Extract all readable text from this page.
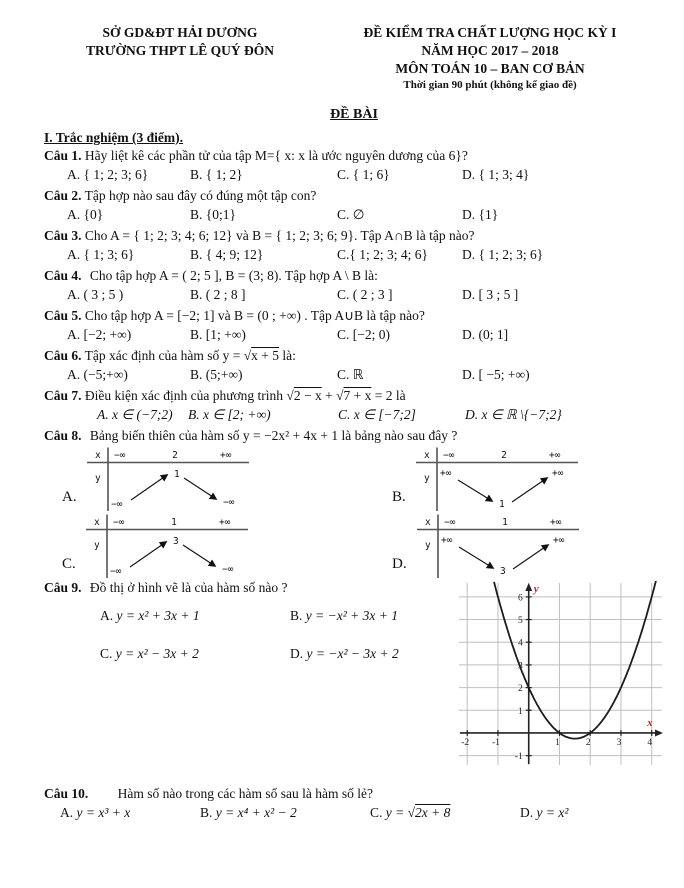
SỞ GD&ĐT HẢI DƯƠNG
TRƯỜNG THPT LÊ QUÝ ĐÔN
ĐỀ KIỂM TRA CHẤT LƯỢNG HỌC KỲ I
NĂM HỌC 2017 – 2018
MÔN TOÁN 10 – BAN CƠ BẢN
Thời gian 90 phút (không kể giao đề)
ĐỀ BÀI
I. Trắc nghiệm (3 điểm).
Câu 1. Hãy liệt kê các phần tử của tập M={ x: x là ước nguyên dương của 6}?
A. { 1; 2; 3; 6}	B. { 1; 2}	C. { 1; 6}	D. { 1; 3; 4}
Câu 2. Tập hợp nào sau đây có đúng một tập con?
A. {0}	B. {0;1}	C. ∅	D. {1}
Câu 3. Cho A = { 1; 2; 3; 4; 6; 12} và B = { 1; 2; 3; 6; 9}. Tập A∩B là tập nào?
A. { 1; 3; 6}	B. { 4; 9; 12}	C.{ 1; 2; 3; 4; 6}	D. { 1; 2; 3; 6}
Câu 4. Cho tập hợp A = ( 2; 5 ], B = (3; 8). Tập hợp A \ B là:
A. ( 3 ; 5 )	B. ( 2 ; 8 ]	C. ( 2 ; 3 ]	D. [ 3 ; 5 ]
Câu 5. Cho tập hợp A = [−2; 1] và B = (0 ; +∞) . Tập A∪B là tập nào?
A. [−2; +∞)	B. [1; +∞)	C. [−2; 0)	D. (0; 1]
Câu 6. Tập xác định của hàm số y = √x + 5 là:
A. (−5;+∞)	B. (5;+∞)	C. ℝ	D. [ −5; +∞)
Câu 7. Điều kiện xác định của phương trình √2 − x + √7 + x = 2 là
A. x ∈ (−7;2)	B. x ∈ [2; +∞)	C. x ∈ [−7;2]	D. x ∈ ℝ \{−7;2}
Câu 8. Bảng biến thiên của hàm số y = −2x² + 4x + 1 là bảng nào sau đây ?
A.
x −∞	2	+∞
y
−∞
1
−∞	B.
x −∞	2	+∞
y +∞
1
+∞
C.
x −∞	1	+∞
y
−∞
3
−∞	D.
x −∞	1	+∞
y +∞
3
+∞
Câu 9. Đồ thị ở hình vẽ là của hàm số nào ?
A. y = x² + 3x + 1	B. y = −x² + 3x + 1
C. y = x² − 3x + 2	D. y = −x² − 3x + 2
-2 -1	1	2	3	4
-1
1
2
3
4
5
6
y
x
Câu 10. Hàm số nào trong các hàm số sau là hàm số lẻ?
A. y = x³ + x	B. y = x⁴ + x² − 2	C. y = √2x + 8	D. y = x²
